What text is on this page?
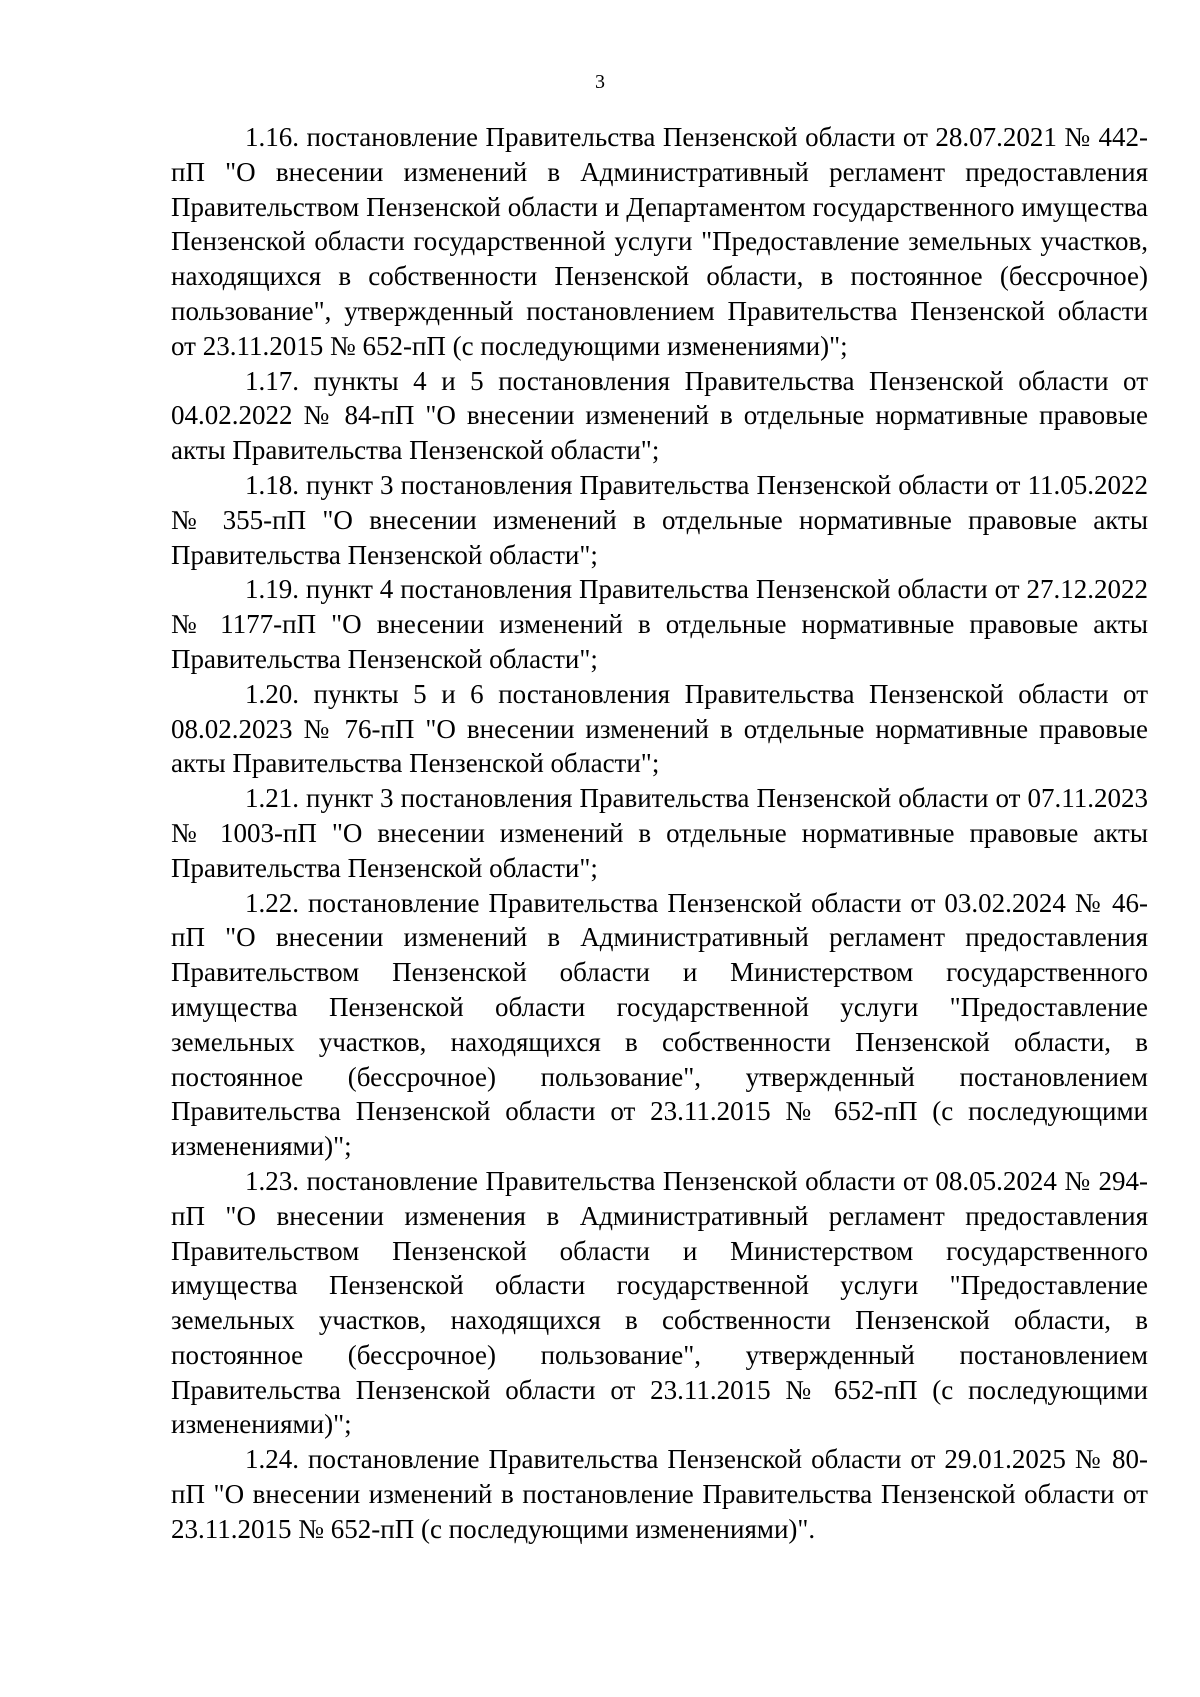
3

1.16. постановление Правительства Пензенской области от 28.07.2021 № 442-пП "О внесении изменений в Административный регламент предоставления Правительством Пензенской области и Департаментом государственного имущества Пензенской области государственной услуги "Предоставление земельных участков, находящихся в собственности Пензенской области, в постоянное (бессрочное) пользование", утвержденный постановлением Правительства Пензенской области от 23.11.2015 № 652-пП (с последующими изменениями)";

1.17. пункты 4 и 5 постановления Правительства Пензенской области от 04.02.2022 № 84-пП "О внесении изменений в отдельные нормативные правовые акты Правительства Пензенской области";

1.18. пункт 3 постановления Правительства Пензенской области от 11.05.2022 № 355-пП "О внесении изменений в отдельные нормативные правовые акты Правительства Пензенской области";

1.19. пункт 4 постановления Правительства Пензенской области от 27.12.2022 № 1177-пП "О внесении изменений в отдельные нормативные правовые акты Правительства Пензенской области";

1.20. пункты 5 и 6 постановления Правительства Пензенской области от 08.02.2023 № 76-пП "О внесении изменений в отдельные нормативные правовые акты Правительства Пензенской области";

1.21. пункт 3 постановления Правительства Пензенской области от 07.11.2023 № 1003-пП "О внесении изменений в отдельные нормативные правовые акты Правительства Пензенской области";

1.22. постановление Правительства Пензенской области от 03.02.2024 № 46-пП "О внесении изменений в Административный регламент предоставления Правительством Пензенской области и Министерством государственного имущества Пензенской области государственной услуги "Предоставление земельных участков, находящихся в собственности Пензенской области, в постоянное (бессрочное) пользование", утвержденный постановлением Правительства Пензенской области от 23.11.2015 № 652-пП (с последующими изменениями)";

1.23. постановление Правительства Пензенской области от 08.05.2024 № 294-пП "О внесении изменения в Административный регламент предоставления Правительством Пензенской области и Министерством государственного имущества Пензенской области государственной услуги "Предоставление земельных участков, находящихся в собственности Пензенской области, в постоянное (бессрочное) пользование", утвержденный постановлением Правительства Пензенской области от 23.11.2015 № 652-пП (с последующими изменениями)";

1.24. постановление Правительства Пензенской области от 29.01.2025 № 80-пП "О внесении изменений в постановление Правительства Пензенской области от 23.11.2015 № 652-пП (с последующими изменениями)".
